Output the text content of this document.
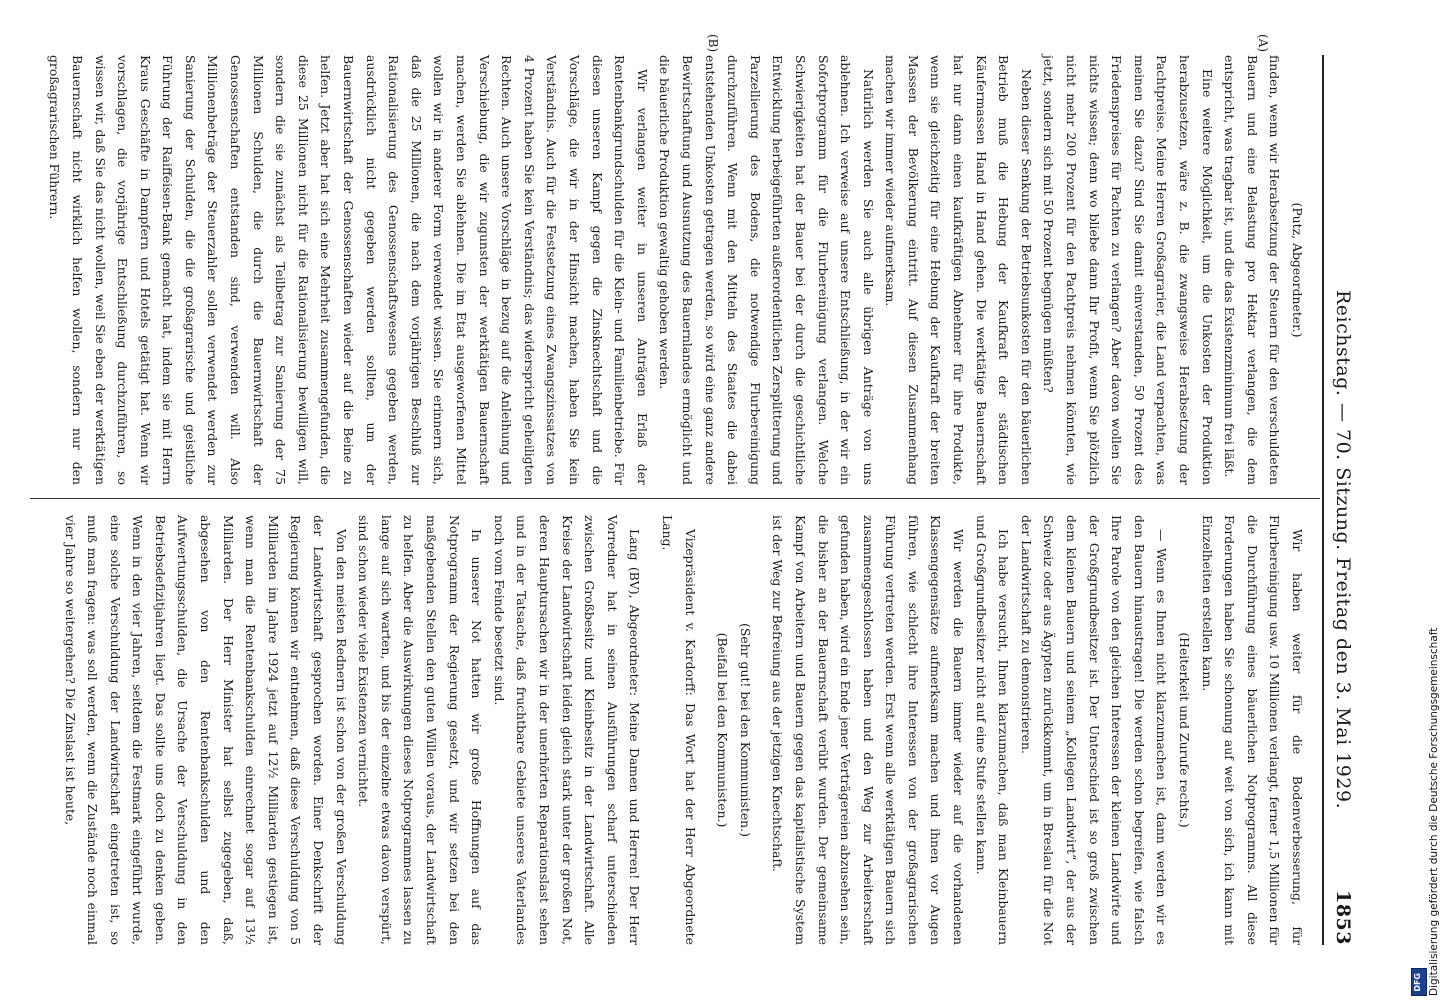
Reichstag. — 70. Sitzung. Freitag den 3. Mai 1929.
1853
(A)
(B)

(Putz, Abgeordneter.)

finden, wenn wir Herabsetzung der Steuern für den verschuldeten Bauern und eine Belastung pro Hektar verlangen, die dem entspricht, was tragbar ist, und die das Existenzminimum frei läßt.

Eine weitere Möglichkeit, um die Unkosten der Produktion herabzusetzen, wäre z. B. die zwangsweise Herabsetzung der Pachtpreise. Meine Herren Großagrarier, die Land verpachten, was meinen Sie dazu? Sind Sie damit einverstanden, 50 Prozent des Friedenspreises für Pachten zu verlangen? Aber davon wollen Sie nichts wissen; denn wo bliebe dann Ihr Profit, wenn Sie plötzlich nicht mehr 200 Prozent für den Pachtpreis nehmen könnten, wie jetzt, sondern sich mit 50 Prozent begnügen müßten?

Neben dieser Senkung der Betriebsunkosten für den bäuerlichen Betrieb muß die Hebung der Kaufkraft der städtischen Käufermassen Hand in Hand gehen. Die werktätige Bauernschaft hat nur dann einen kaufkräftigen Abnehmer für ihre Produkte, wenn sie gleichzeitig für eine Hebung der Kaufkraft der breiten Massen der Bevölkerung eintritt. Auf diesen Zusammenhang machen wir immer wieder aufmerksam.

Natürlich werden Sie auch alle übrigen Anträge von uns ablehnen. Ich verweise auf unsere Entschließung, in der wir ein Sofortprogramm für die Flurbereinigung verlangen. Welche Schwierigkeiten hat der Bauer bei der durch die geschichtliche Entwicklung herbeigeführten außerordentlichen Zersplitterung und Parzellierung des Bodens, die notwendige Flurbereinigung durchzuführen. Wenn mit den Mitteln des Staates die dabei entstehenden Unkosten getragen werden, so wird eine ganz andere Bewirtschaftung und Ausnutzung des Bauernlandes ermöglicht und die bäuerliche Produktion gewaltig gehoben werden.

Wir verlangen weiter in unseren Anträgen Erlaß der Rentenbankgrundschulden für die Klein- und Familienbetriebe. Für diesen unseren Kampf gegen die Zinsknechtschaft und die Vorschläge, die wir in der Hinsicht machen, haben Sie kein Verständnis. Auch für die Festsetzung eines Zwangszinssatzes von 4 Prozent haben Sie kein Verständnis; das widerspricht geheiligten Rechten. Auch unsere Vorschläge in bezug auf die Anleihung und Verschiebung, die wir zugunsten der werktätigen Bauernschaft machen, werden Sie ablehnen. Die im Etat ausgeworfenen Mittel wollen wir in anderer Form verwendet wissen. Sie erinnern sich, daß die 25 Millionen, die nach dem vorjährigen Beschluß zur Rationalisierung des Genossenschaftswesens gegeben werden, ausdrücklich nicht gegeben werden sollten, um der Bauernwirtschaft der Genossenschaften wieder auf die Beine zu helfen. Jetzt aber hat sich eine Mehrheit zusammengefunden, die diese 25 Millionen nicht für die Rationalisierung bewilligen will, sondern die sie zunächst als Teilbetrag zur Sanierung der 75 Millionen Schulden, die durch die Bauernwirtschaft der Genossenschaften entstanden sind, verwenden will. Also Millionenbeträge der Steuerzahler sollen verwendet werden zur Sanierung der Schulden, die die großagrarische und geistliche Führung der Raiffeisen-Bank gemacht hat, indem sie mit Herrn Kraus Geschäfte in Dampfern und Hotels getätigt hat. Wenn wir vorschlagen, die vorjährige Entschließung durchzuführen, so wissen wir, daß Sie das nicht wollen, weil Sie eben der werktätigen Bauernschaft nicht wirklich helfen wollen, sondern nur den großagrarischen Führern.

Wir haben weiter für die Bodenverbesserung, für Flurbereinigung usw. 10 Millionen verlangt, ferner 1,5 Millionen für die Durchführung eines bäuerlichen Notprogramms. All diese Forderungen haben Sie schonung auf weit von sich, ich kann mit Einzelheiten erstellen kann.

(Heiterkeit und Zurufe rechts.)

— Wenn es Ihnen nicht klarzumachen ist, dann werden wir es den Bauern hinaustragen! Die werden schon begreifen, wie falsch Ihre Parole von den gleichen Interessen der kleinen Landwirte und der Großgrundbesitzer ist. Der Unterschied ist so groß zwischen dem kleinen Bauern und seinem „Kollegen Landwirt“, der aus der Schweiz oder aus Ägypten zurückkommt, um in Breslau für die Not der Landwirtschaft zu demonstrieren.

Ich habe versucht, Ihnen klarzumachen, daß man Kleinbauern und Großgrundbesitzer nicht auf eine Stufe stellen kann.

Wir werden die Bauern immer wieder auf die vorhandenen Klassengegensätze aufmerksam machen und ihnen vor Augen führen, wie schlecht ihre Interessen von der großagrarischen Führung vertreten werden. Erst wenn alle werktätigen Bauern sich zusammengeschlossen haben und den Weg zur Arbeiterschaft gefunden haben, wird ein Ende jener Verträgereien abzusehen sein, die bisher an der Bauernschaft verübt wurden. Der gemeinsame Kampf von Arbeitern und Bauern gegen das kapitalistische System ist der Weg zur Befreiung aus der jetzigen Knechtschaft.

(Sehr gut! bei den Kommunisten.)

(Beifall bei den Kommunisten.)

Vizepräsident v. Kardorff: Das Wort hat der Herr Abgeordnete Lang.

Lang (BV), Abgeordneter: Meine Damen und Herren! Der Herr Vorredner hat in seinen Ausführungen scharf unterschieden zwischen Großbesitz und Kleinbesitz in der Landwirtschaft. Alle Kreise der Landwirtschaft leiden gleich stark unter der großen Not, deren Hauptursachen wir in der unerhörten Reparationslast sehen und in der Tatsache, daß fruchtbare Gebiete unseres Vaterlandes noch vom Feinde besetzt sind.

In unserer Not hatten wir große Hoffnungen auf das Notprogramm der Regierung gesetzt, und wir setzen bei den maßgebenden Stellen den guten Willen voraus, der Landwirtschaft zu helfen. Aber die Auswirkungen dieses Notprogrammes lassen zu lange auf sich warten, und bis der einzelne etwas davon verspürt, sind schon wieder viele Existenzen vernichtet.

Von den meisten Rednern ist schon von der großen Verschuldung der Landwirtschaft gesprochen worden. Einer Denkschrift der Regierung können wir entnehmen, daß diese Verschuldung von 5 Milliarden im Jahre 1924 jetzt auf 12½ Milliarden gestiegen ist, wenn man die Rentenbankschulden einrechnet sogar auf 13½ Milliarden. Der Herr Minister hat selbst zugegeben, daß, abgesehen von den Rentenbankschulden und den Aufwertungsschulden, die Ursache der Verschuldung in den Betriebsdefizitjahren liegt. Das sollte uns doch zu denken geben. Wenn in den vier Jahren, seitdem die Festmark eingeführt wurde, eine solche Verschuldung der Landwirtschaft eingetreten ist, so muß man fragen: was soll werden, wenn die Zustände noch einmal vier Jahre so weitergehen? Die Zinslast ist heute,	Digitalisierung gefördert durch die Deutsche Forschungsgemeinschaft
DFG
